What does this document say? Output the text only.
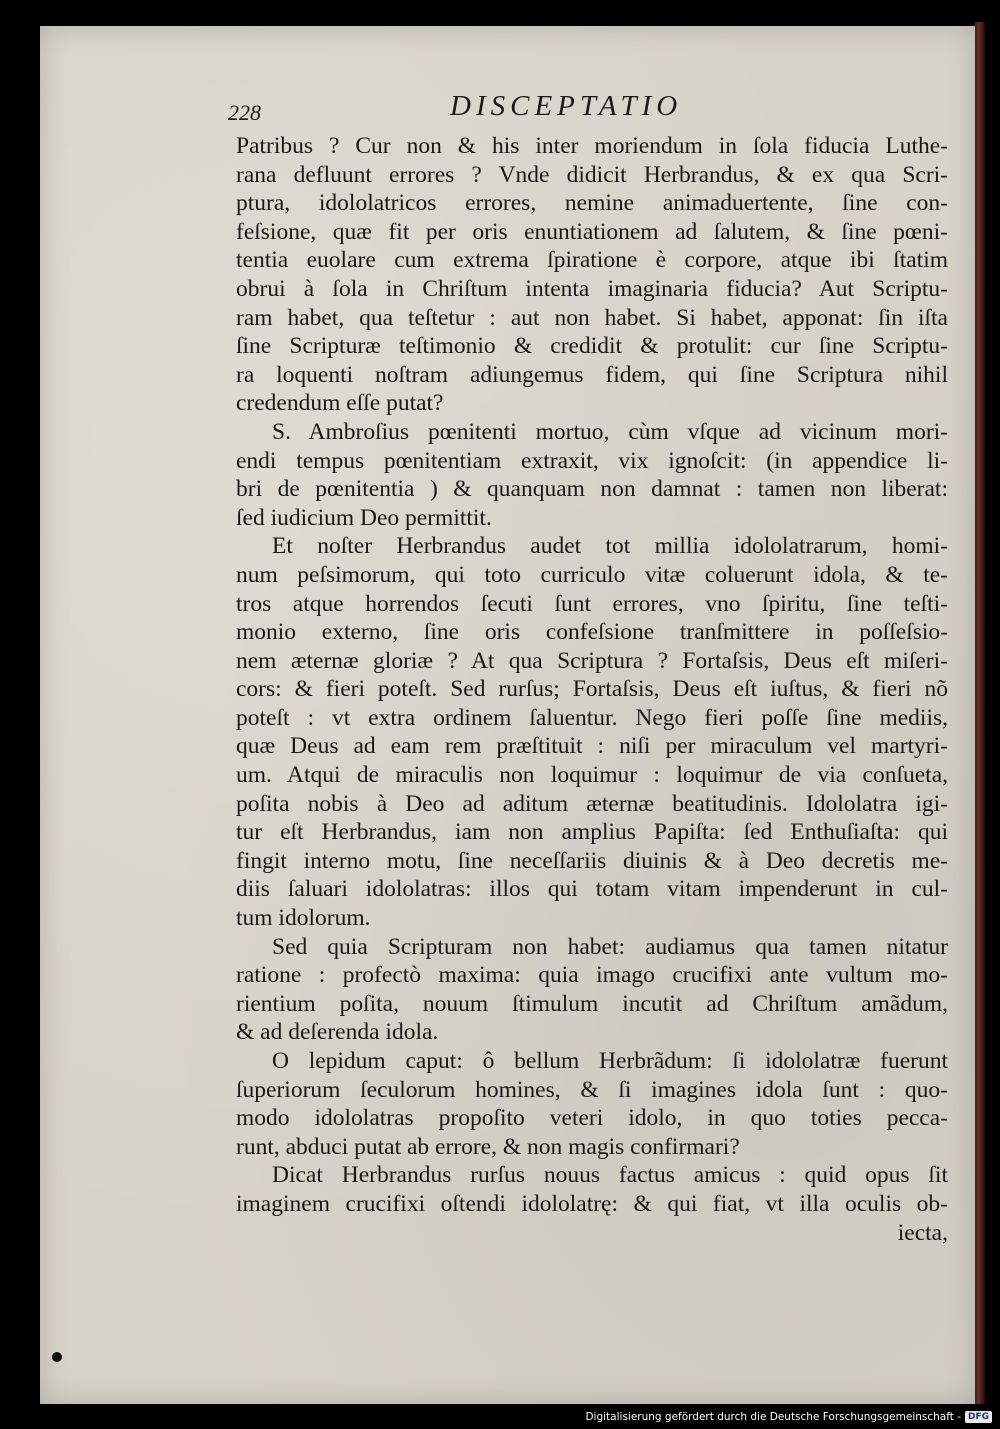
228	DISCEPTATIO
Patribus ? Cur non & his inter moriendum in ſola fiducia Luthe-
rana defluunt errores ? Vnde didicit Herbrandus, & ex qua Scri-
ptura, idololatricos errores, nemine animaduertente, ſine con-
feſsione, quæ fit per oris enuntiationem ad ſalutem, & ſine pœni-
tentia euolare cum extrema ſpiratione è corpore, atque ibi ſtatim
obrui à ſola in Chriſtum intenta imaginaria fiducia? Aut Scriptu-
ram habet, qua teſtetur : aut non habet. Si habet, apponat: ſin iſta
ſine Scripturæ teſtimonio & credidit & protulit: cur ſine Scriptu-
ra loquenti noſtram adiungemus fidem, qui ſine Scriptura nihil
credendum eſſe putat?
S. Ambroſius pœnitenti mortuo, cùm vſque ad vicinum mori-
endi tempus pœnitentiam extraxit, vix ignoſcit: (in appendice li-
bri de pœnitentia ) & quanquam non damnat : tamen non liberat:
ſed iudicium Deo permittit.
Et noſter Herbrandus audet tot millia idololatrarum, homi-
num peſsimorum, qui toto curriculo vitæ coluerunt idola, & te-
tros atque horrendos ſecuti ſunt errores, vno ſpiritu, ſine teſti-
monio externo, ſine oris confeſsione tranſmittere in poſſeſsio-
nem æternæ gloriæ ? At qua Scriptura ? Fortaſsis, Deus eſt miſeri-
cors: & fieri poteſt. Sed rurſus; Fortaſsis, Deus eſt iuſtus, & fieri nõ
poteſt : vt extra ordinem ſaluentur. Nego fieri poſſe ſine mediis,
quæ Deus ad eam rem præſtituit : niſi per miraculum vel martyri-
um. Atqui de miraculis non loquimur : loquimur de via conſueta,
poſita nobis à Deo ad aditum æternæ beatitudinis. Idololatra igi-
tur eſt Herbrandus, iam non amplius Papiſta: ſed Enthuſiaſta: qui
fingit interno motu, ſine neceſſariis diuinis & à Deo decretis me-
diis ſaluari idololatras: illos qui totam vitam impenderunt in cul-
tum idolorum.
Sed quia Scripturam non habet: audiamus qua tamen nitatur
ratione : profectò maxima: quia imago crucifixi ante vultum mo-
rientium poſita, nouum ſtimulum incutit ad Chriſtum amãdum,
& ad deſerenda idola.
O lepidum caput: ô bellum Herbrãdum: ſi idololatræ fuerunt
ſuperiorum ſeculorum homines, & ſi imagines idola ſunt : quo-
modo idololatras propoſito veteri idolo, in quo toties pecca-
runt, abduci putat ab errore, & non magis confirmari?
Dicat Herbrandus rurſus nouus factus amicus : quid opus ſit
imaginem crucifixi oſtendi idololatrę: & qui fiat, vt illa oculis ob-
iecta,
Digitalisierung gefördert durch die Deutsche Forschungsgemeinschaft - DFG
